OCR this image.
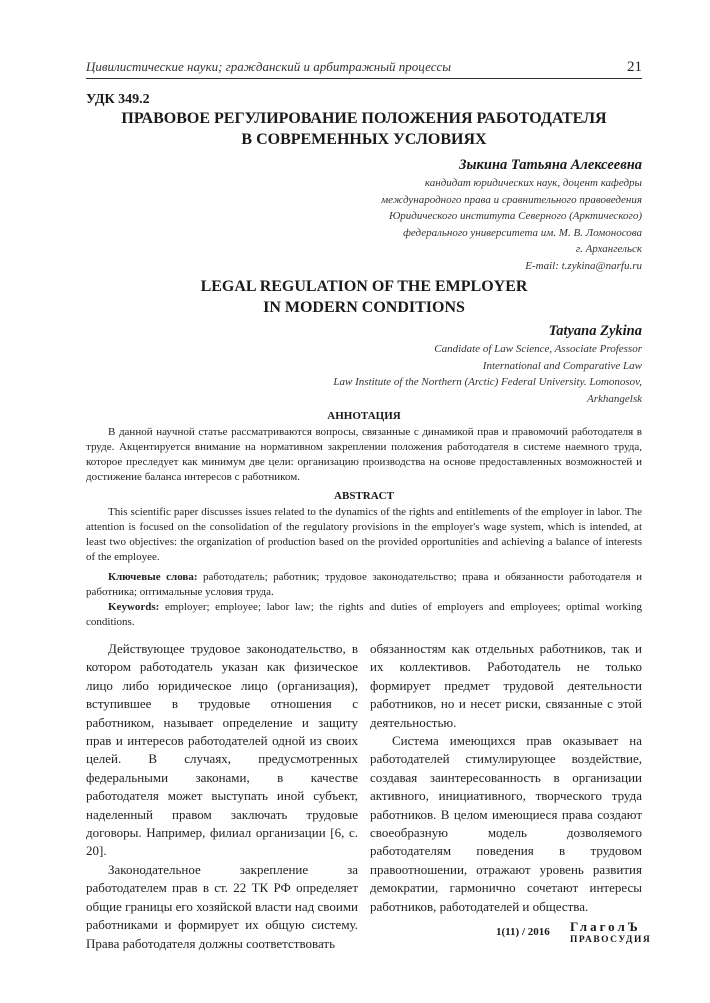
Цивилистические науки; гражданский и арбитражный процессы	21
УДК 349.2
ПРАВОВОЕ РЕГУЛИРОВАНИЕ ПОЛОЖЕНИЯ РАБОТОДАТЕЛЯ
В СОВРЕМЕННЫХ УСЛОВИЯХ
Зыкина Татьяна Алексеевна
кандидат юридических наук, доцент кафедры
международного права и сравнительного правоведения
Юридического института Северного (Арктического)
федерального университета им. М. В. Ломоносова
г. Архангельск
E-mail: t.zykina@narfu.ru
LEGAL REGULATION OF THE EMPLOYER
IN MODERN CONDITIONS
Tatyana Zykina
Candidate of Law Science, Associate Professor
International and Comparative Law
Law Institute of the Northern (Arctic) Federal University. Lomonosov,
Arkhangelsk
АННОТАЦИЯ
В данной научной статье рассматриваются вопросы, связанные с динамикой прав и правомочий работодателя в труде. Акцентируется внимание на нормативном закреплении положения работодателя в системе наемного труда, которое преследует как минимум две цели: организацию производства на основе предоставленных возможностей и достижение баланса интересов с работником.
ABSTRACT
This scientific paper discusses issues related to the dynamics of the rights and entitlements of the employer in labor. The attention is focused on the consolidation of the regulatory provisions in the employer's wage system, which is intended, at least two objectives: the organization of production based on the provided opportunities and achieving a balance of interests of the employee.
Ключевые слова: работодатель; работник; трудовое законодательство; права и обязанности работодателя и работника; оптимальные условия труда.
Keywords: employer; employee; labor law; the rights and duties of employers and employees; optimal working conditions.

Действующее трудовое законодательство, в котором работодатель указан как физическое лицо либо юридическое лицо (организация), вступившее в трудовые отношения с работником, называет определение и защиту прав и интересов работодателей одной из своих целей. В случаях, предусмотренных федеральными законами, в качестве работодателя может выступать иной субъект, наделенный правом заключать трудовые договоры. Например, филиал организации [6, с. 20].

Законодательное закрепление за работодателем прав в ст. 22 ТК РФ определяет общие границы его хозяйской власти над своими работниками и формирует их общую систему. Права работодателя должны соответствовать

обязанностям как отдельных работников, так и их коллективов. Работодатель не только формирует предмет трудовой деятельности работников, но и несет риски, связанные с этой деятельностью.

Система имеющихся прав оказывает на работодателей стимулирующее воздействие, создавая заинтересованность в организации активного, инициативного, творческого труда работников. В целом имеющиеся права создают своеобразную модель дозволяемого работодателям поведения в трудовом правоотношении, отражают уровень развития демократии, гармонично сочетают интересы работников, работодателей и общества.

1(11) / 2016 ГлаголЪ
ПРАВОСУДИЯ
